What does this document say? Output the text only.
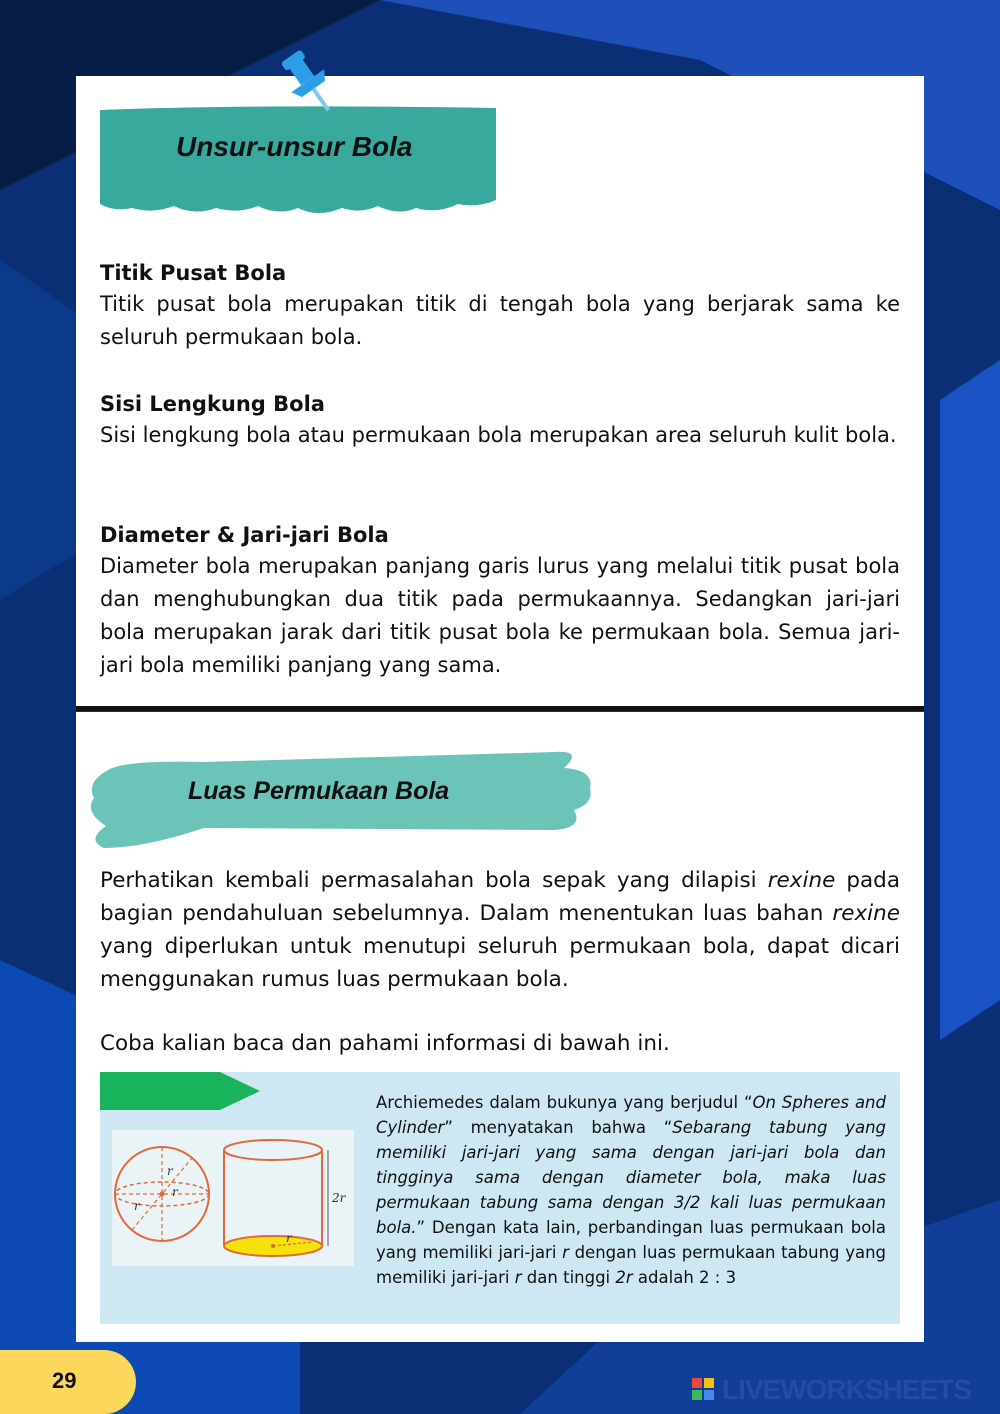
Unsur-unsur Bola
Titik Pusat Bola

Titik pusat bola merupakan titik di tengah bola yang berjarak sama ke seluruh permukaan bola.

Sisi Lengkung Bola

Sisi lengkung bola atau permukaan bola merupakan area seluruh kulit bola.

Diameter & Jari-jari Bola

Diameter bola merupakan panjang garis lurus yang melalui titik pusat bola dan menghubungkan dua titik pada permukaannya. Sedangkan jari-jari bola merupakan jarak dari titik pusat bola ke permukaan bola. Semua jari-jari bola memiliki panjang yang sama.

Luas Permukaan Bola

Perhatikan kembali permasalahan bola sepak yang dilapisi rexine pada bagian pendahuluan sebelumnya. Dalam menentukan luas bahan rexine yang diperlukan untuk menutupi seluruh permukaan bola, dapat dicari menggunakan rumus luas permukaan bola.

Coba kalian baca dan pahami informasi di bawah ini.

r
r
r
r
2r

Archiemedes dalam bukunya yang berjudul “On Spheres and Cylinder” menyatakan bahwa “Sebarang tabung yang memiliki jari-jari yang sama dengan jari-jari bola dan tingginya sama dengan diameter bola, maka luas permukaan tabung sama dengan 3/2 kali luas permukaan bola.” Dengan kata lain, perbandingan luas permukaan bola yang memiliki jari-jari r dengan luas permukaan tabung yang memiliki jari-jari r dan tinggi 2r adalah 2 : 3

29	LIVEWORKSHEETS
